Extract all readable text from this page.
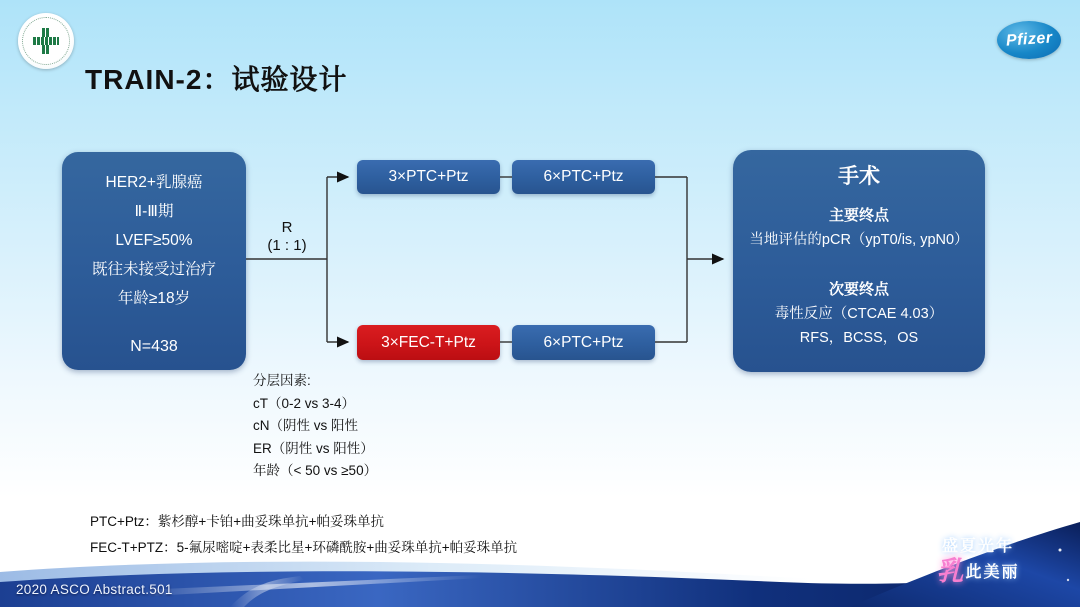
Pfizer
TRAIN-2：试验设计
HER2+乳腺癌
Ⅱ-Ⅲ期
LVEF≥50%
既往未接受过治疗
年龄≥18岁
N=438
R
(1 : 1)
3×PTC+Ptz	6×PTC+Ptz
3×FEC-T+Ptz	6×PTC+Ptz
手术
主要终点
当地评估的pCR（ypT0/is, ypN0）
次要终点
毒性反应（CTCAE 4.03）
RFS，BCSS，OS
分层因素:
cT（0-2 vs 3-4）
cN（阴性 vs 阳性
ER（阴性 vs 阳性）
年龄（< 50 vs ≥50）
PTC+Ptz：紫杉醇+卡铂+曲妥珠单抗+帕妥珠单抗
FEC-T+PTZ：5-氟尿嘧啶+表柔比星+环磷酰胺+曲妥珠单抗+帕妥珠单抗
2020 ASCO Abstract.501
盛夏光年
乳此美丽
